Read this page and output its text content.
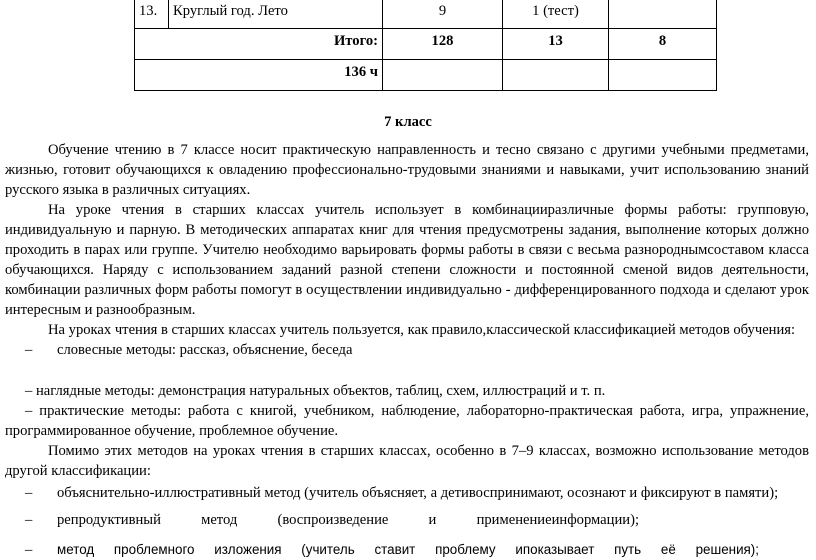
13.	Круглый год. Лето	9	1 (тест)	
	Итого:	128	13	8
	136 ч			
7 класс

Обучение чтению в 7 классе носит практическую направленность и тесно связано с другими учебными предметами, жизнью, готовит обучающихся к овладению профессионально-трудовыми знаниями и навыками, учит использованию знаний русского языка в различных ситуациях.

На уроке чтения в старших классах учитель использует в комбинацииразличные формы работы: групповую, индивидуальную и парную. В методических аппаратах книг для чтения предусмотрены задания, выполнение которых должно проходить в парах или группе. Учителю необходимо варьировать формы работы в связи с весьма разнороднымсоставом класса обучающихся. Наряду с использованием заданий разной степени сложности и постоянной сменой видов деятельности, комбинации различных форм работы помогут в осуществлении индивидуально - дифференцированного подхода и сделают урок интересным и разнообразным.

На уроках чтения в старших классах учитель пользуется, как правило,классической классификацией методов обучения:

–	словесные методы: рассказ, объяснение, беседа

– наглядные методы: демонстрация натуральных объектов, таблиц, схем, иллюстраций и т. п.

– практические методы: работа с книгой, учебником, наблюдение, лабораторно-практическая работа, игра, упражнение, программированное обучение, проблемное обучение.

Помимо этих методов на уроках чтения в старших классах, особенно в 7–9 классах, возможно использование методов другой классификации:

–	объяснительно-иллюстративный метод (учитель объясняет, а детивоспринимают, осознают и фиксируют в памяти);
–	репродуктивный метод (воспроизведение и применениеинформации);
–	метод проблемного изложения (учитель ставит проблему ипоказывает путь её решения);
